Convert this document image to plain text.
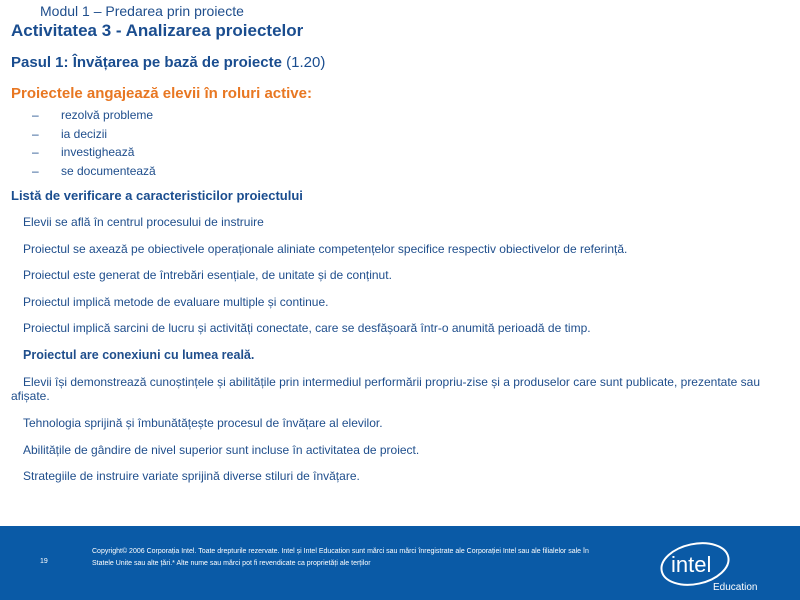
Modul 1 – Predarea prin proiecte
Activitatea 3 - Analizarea proiectelor
Pasul 1: Învățarea pe bază de proiecte (1.20)
Proiectele angajează elevii în roluri active:
– rezolvă probleme
– ia decizii
– investighează
– se documentează
Listă de verificare a caracteristicilor proiectului

Elevii se află în centrul procesului de instruire

Proiectul se axează pe obiectivele operaționale aliniate competențelor specifice respectiv obiectivelor de referință.

Proiectul este generat de întrebări esențiale, de unitate și de conținut.

Proiectul implică metode de evaluare multiple și continue.

Proiectul implică sarcini de lucru și activități conectate, care se desfășoară într-o anumită perioadă de timp.

Proiectul are conexiuni cu lumea reală.

Elevii își demonstrează cunoștințele și abilitățile prin intermediul performării propriu-zise și a produselor care sunt publicate, prezentate sau afișate.

Tehnologia sprijină și îmbunătățește procesul de învățare al elevilor.

Abilitățile de gândire de nivel superior sunt incluse în activitatea de proiect.

Strategiile de instruire variate sprijină diverse stiluri de învățare.

19
Copyright© 2006 Corporația Intel. Toate drepturile rezervate. Intel și Intel Education sunt mărci sau mărci înregistrate ale Corporației Intel sau ale filialelor sale în Statele Unite sau alte țări.* Alte nume sau mărci pot fi revendicate ca proprietăți ale terților	intel
Education
